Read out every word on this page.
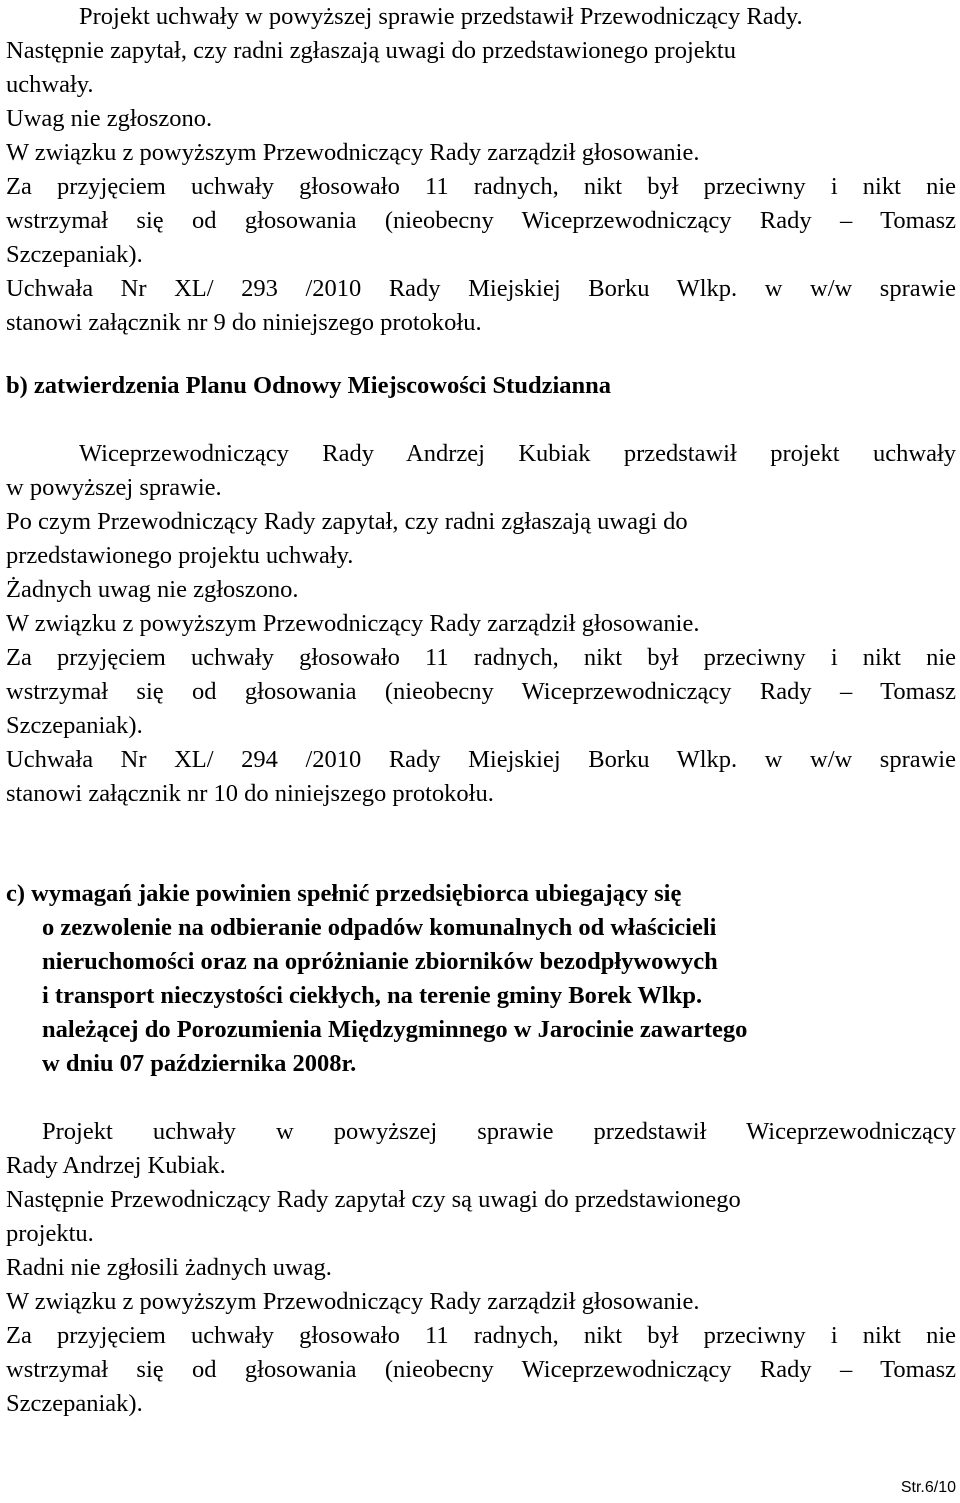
Projekt uchwały w powyższej sprawie przedstawił Przewodniczący Rady.
Następnie zapytał, czy radni zgłaszają uwagi do przedstawionego projektu
uchwały.
Uwag nie zgłoszono.
W związku z powyższym Przewodniczący Rady zarządził głosowanie.
Za przyjęciem uchwały głosowało 11 radnych, nikt był przeciwny i nikt nie
wstrzymał się od głosowania (nieobecny Wiceprzewodniczący Rady – Tomasz
Szczepaniak).
Uchwała Nr XL/ 293 /2010 Rady Miejskiej Borku Wlkp. w w/w sprawie
stanowi załącznik nr 9 do niniejszego protokołu.
b) zatwierdzenia Planu Odnowy Miejscowości Studzianna
Wiceprzewodniczący Rady Andrzej Kubiak przedstawił projekt uchwały
w powyższej sprawie.
Po czym Przewodniczący Rady zapytał, czy radni zgłaszają uwagi do
przedstawionego projektu uchwały.
Żadnych uwag nie zgłoszono.
W związku z powyższym Przewodniczący Rady zarządził głosowanie.
Za przyjęciem uchwały głosowało 11 radnych, nikt był przeciwny i nikt nie
wstrzymał się od głosowania (nieobecny Wiceprzewodniczący Rady – Tomasz
Szczepaniak).
Uchwała Nr XL/ 294 /2010 Rady Miejskiej Borku Wlkp. w w/w sprawie
stanowi załącznik nr 10 do niniejszego protokołu.
c) wymagań jakie powinien spełnić przedsiębiorca ubiegający się
o zezwolenie na odbieranie odpadów komunalnych od właścicieli
nieruchomości oraz na opróżnianie zbiorników bezodpływowych
i transport nieczystości ciekłych, na terenie gminy Borek Wlkp.
należącej do Porozumienia Międzygminnego w Jarocinie zawartego
w dniu 07 października 2008r.
Projekt uchwały w powyższej sprawie przedstawił Wiceprzewodniczący
Rady Andrzej Kubiak.
Następnie Przewodniczący Rady zapytał czy są uwagi do przedstawionego
projektu.
Radni nie zgłosili żadnych uwag.
W związku z powyższym Przewodniczący Rady zarządził głosowanie.
Za przyjęciem uchwały głosowało 11 radnych, nikt był przeciwny i nikt nie
wstrzymał się od głosowania (nieobecny Wiceprzewodniczący Rady – Tomasz
Szczepaniak).
Str.6/10
